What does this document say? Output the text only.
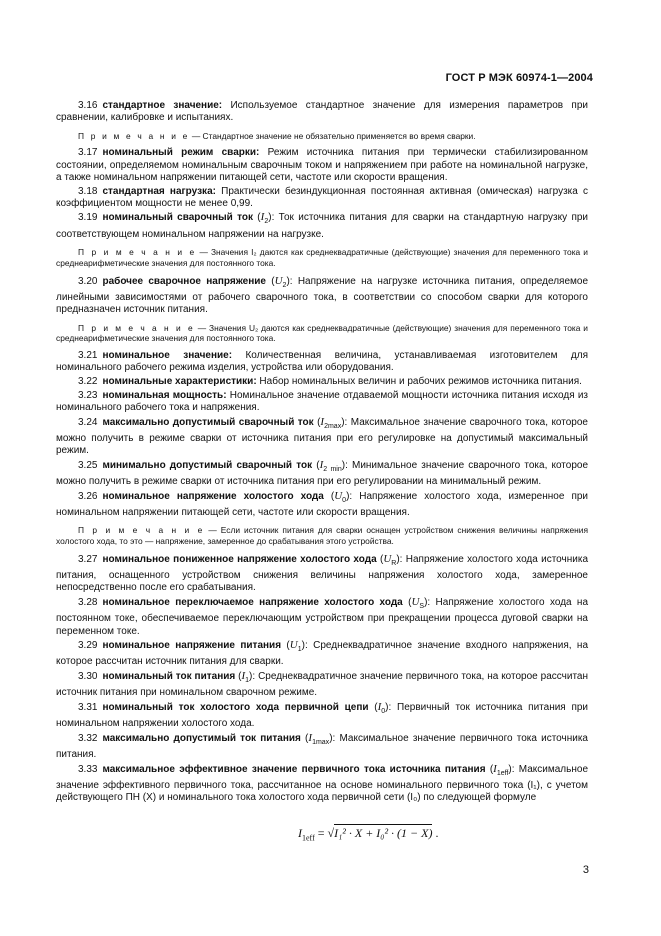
ГОСТ Р МЭК 60974-1—2004

3.16 стандартное значение: Используемое стандартное значение для измерения параметров при сравнении, калибровке и испытаниях.

П р и м е ч а н и е — Стандартное значение не обязательно применяется во время сварки.

3.17 номинальный режим сварки: Режим источника питания при термически стабилизированном состоянии, определяемом номинальным сварочным током и напряжением при работе на номинальной нагрузке, а также номинальном напряжении питающей сети, частоте или скорости вращения.

3.18 стандартная нагрузка: Практически безиндукционная постоянная активная (омическая) нагрузка с коэффициентом мощности не менее 0,99.

3.19 номинальный сварочный ток $(I_2)$: Ток источника питания для сварки на стандартную нагрузку при соответствующем номинальном напряжении на нагрузке.

П р и м е ч а н и е — Значения I₂ даются как среднеквадратичные (действующие) значения для переменного тока и среднеарифметические значения для постоянного тока.

3.20 рабочее сварочное напряжение $(U_2)$: Напряжение на нагрузке источника питания, определяемое линейными зависимостями от рабочего сварочного тока, в соответствии со способом сварки для которого предназначен источник питания.

П р и м е ч а н и е — Значения U₂ даются как среднеквадратичные (действующие) значения для переменного тока и среднеарифметические значения для постоянного тока.

3.21 номинальное значение: Количественная величина, устанавливаемая изготовителем для номинального рабочего режима изделия, устройства или оборудования.

3.22 номинальные характеристики: Набор номинальных величин и рабочих режимов источника питания.

3.23 номинальная мощность: Номинальное значение отдаваемой мощности источника питания исходя из номинального рабочего тока и напряжения.

3.24 максимально допустимый сварочный ток $(I_{2max})$: Максимальное значение сварочного тока, которое можно получить в режиме сварки от источника питания при его регулировке на допустимый максимальный режим.

3.25 минимально допустимый сварочный ток $(I_{2 min})$: Минимальное значение сварочного тока, которое можно получить в режиме сварки от источника питания при его регулировании на минимальный режим.

3.26 номинальное напряжение холостого хода $(U_0)$: Напряжение холостого хода, измеренное при номинальном напряжении питающей сети, частоте или скорости вращения.

П р и м е ч а н и е — Если источник питания для сварки оснащен устройством снижения величины напряжения холостого хода, то это — напряжение, замеренное до срабатывания этого устройства.

3.27 номинальное пониженное напряжение холостого хода $(U_R)$: Напряжение холостого хода источника питания, оснащенного устройством снижения величины напряжения холостого хода, замеренное непосредственно после его срабатывания.

3.28 номинальное переключаемое напряжение холостого хода $(U_S)$: Напряжение холостого хода на постоянном токе, обеспечиваемое переключающим устройством при прекращении процесса дуговой сварки на переменном токе.

3.29 номинальное напряжение питания $(U_1)$: Среднеквадратичное значение входного напряжения, на которое рассчитан источник питания для сварки.

3.30 номинальный ток питания $(I_1)$: Среднеквадратичное значение первичного тока, на которое рассчитан источник питания при номинальном сварочном режиме.

3.31 номинальный ток холостого хода первичной цепи $(I_0)$: Первичный ток источника питания при номинальном напряжении холостого хода.

3.32 максимально допустимый ток питания $(I_{1max})$: Максимальное значение первичного тока источника питания.

3.33 максимальное эффективное значение первичного тока источника питания $(I_{1eff})$: Максимальное значение эффективного первичного тока, рассчитанное на основе номинального первичного тока (I₁), с учетом действующего ПН (X) и номинального тока холостого хода первичной сети (I₀) по следующей формуле

$I_{1eff} = √I_1^2 \cdot X + I_0^2 \cdot (1 - X)$ .
3
